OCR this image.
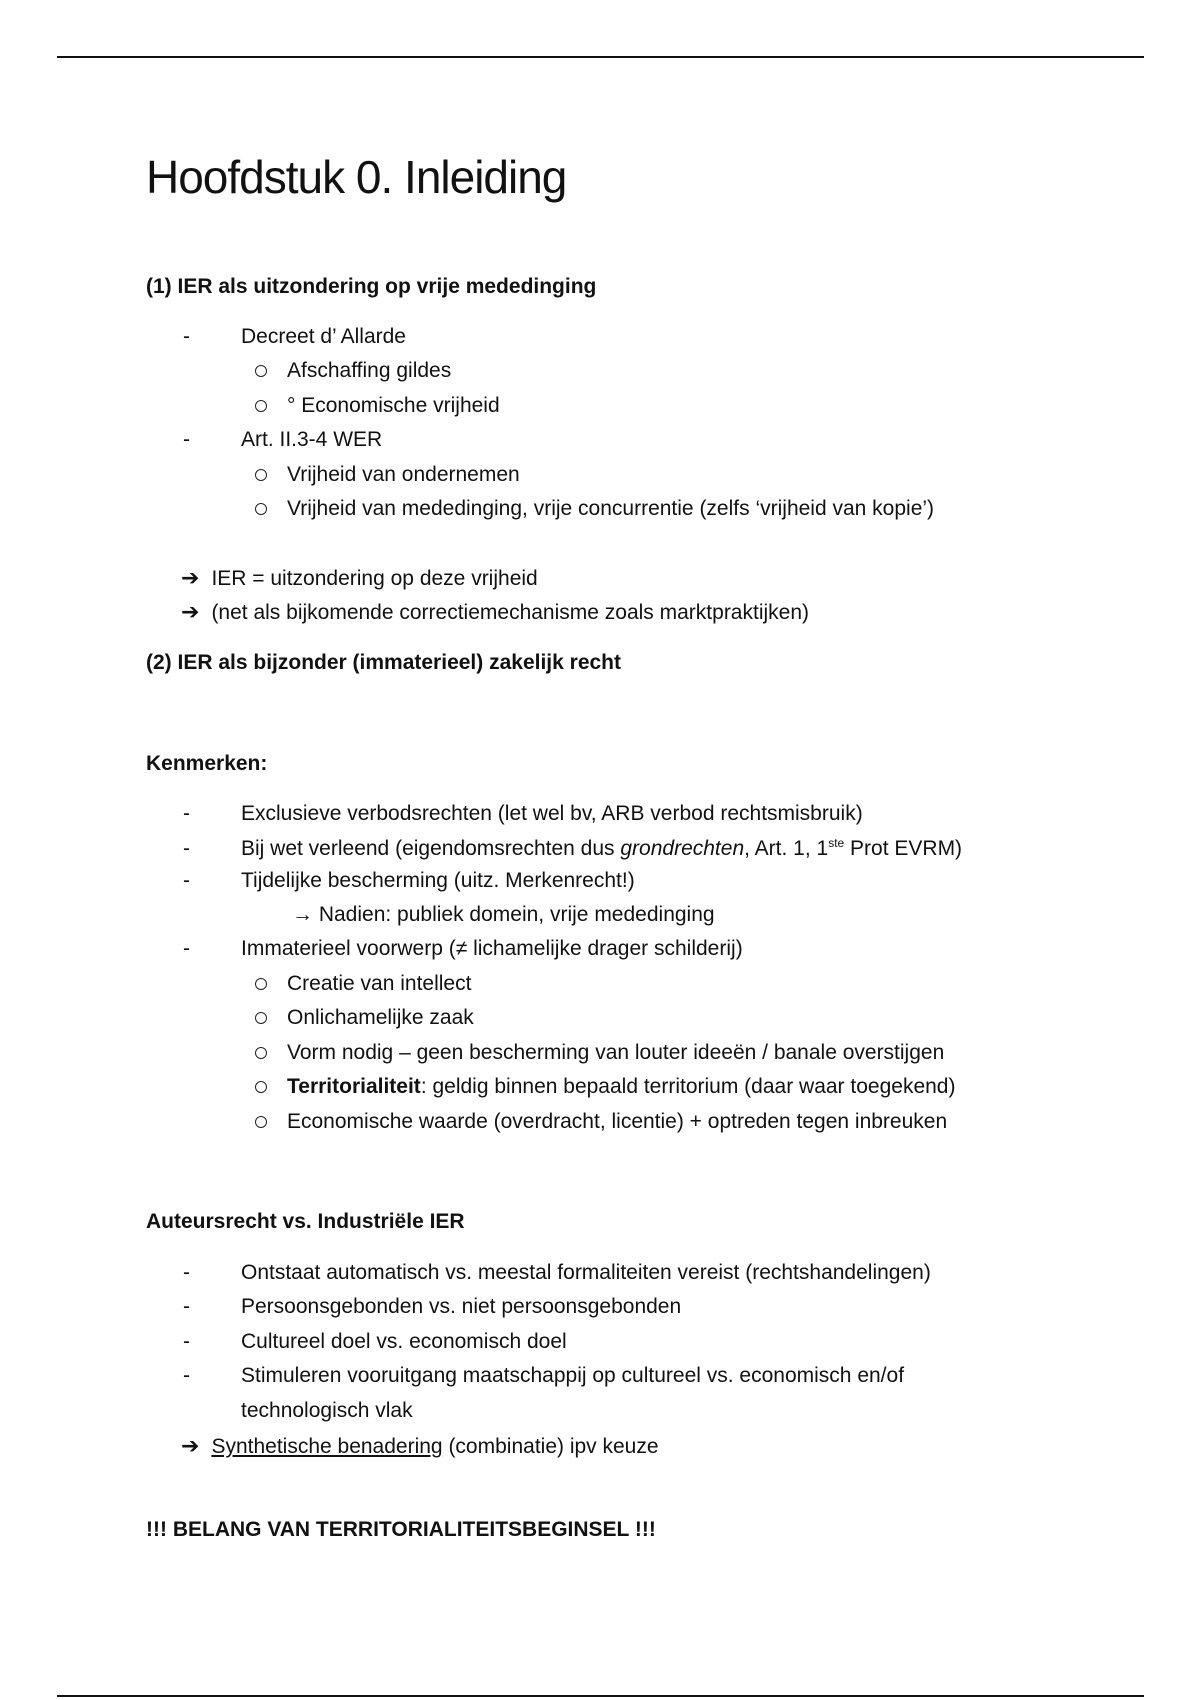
Hoofdstuk 0. Inleiding
(1) IER als uitzondering op vrije mededinging
- Decreet d’ Allarde
Afschaffing gildes
° Economische vrijheid
- Art. II.3-4 WER
Vrijheid van ondernemen
Vrijheid van mededinging, vrije concurrentie (zelfs ‘vrijheid van kopie’)
➔ IER = uitzondering op deze vrijheid
➔ (net als bijkomende correctiemechanisme zoals marktpraktijken)
(2) IER als bijzonder (immaterieel) zakelijk recht
Kenmerken:
- Exclusieve verbodsrechten (let wel bv, ARB verbod rechtsmisbruik)
- Bij wet verleend (eigendomsrechten dus grondrechten, Art. 1, 1ste Prot EVRM)
- Tijdelijke bescherming (uitz. Merkenrecht!)
→ Nadien: publiek domein, vrije mededinging
- Immaterieel voorwerp (≠ lichamelijke drager schilderij)
Creatie van intellect
Onlichamelijke zaak
Vorm nodig – geen bescherming van louter ideeën / banale overstijgen
Territorialiteit: geldig binnen bepaald territorium (daar waar toegekend)
Economische waarde (overdracht, licentie) + optreden tegen inbreuken
Auteursrecht vs. Industriële IER
- Ontstaat automatisch vs. meestal formaliteiten vereist (rechtshandelingen)
- Persoonsgebonden vs. niet persoonsgebonden
- Cultureel doel vs. economisch doel
- Stimuleren vooruitgang maatschappij op cultureel vs. economisch en/of
technologisch vlak
➔ Synthetische benadering (combinatie) ipv keuze
!!! BELANG VAN TERRITORIALITEITSBEGINSEL !!!
